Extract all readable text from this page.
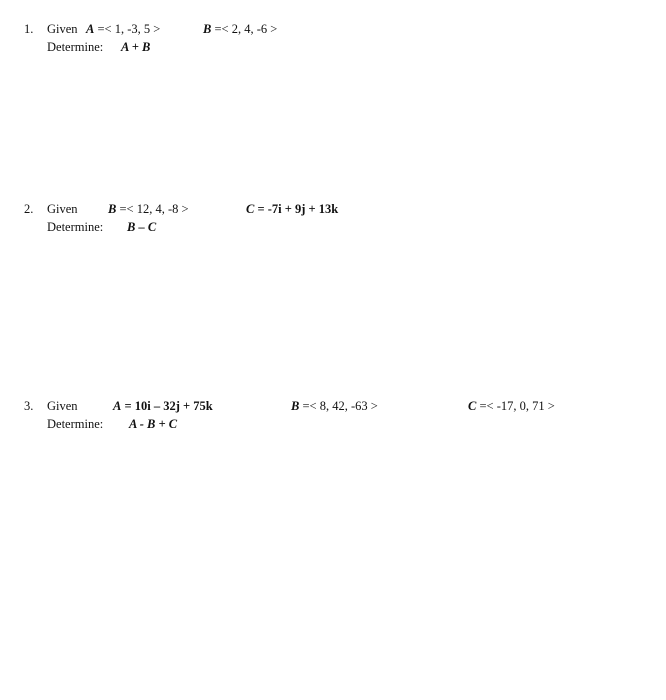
1. Given A =< 1, -3, 5 >	B =< 2, 4, -6 >
Determine: A + B
2. Given B =< 12, 4, -8 >	C = -7i + 9j + 13k
Determine: B – C
3. Given	A = 10i – 32j + 75k	B =< 8, 42, -63 >	C =< -17, 0, 71 >
Determine: A - B + C
